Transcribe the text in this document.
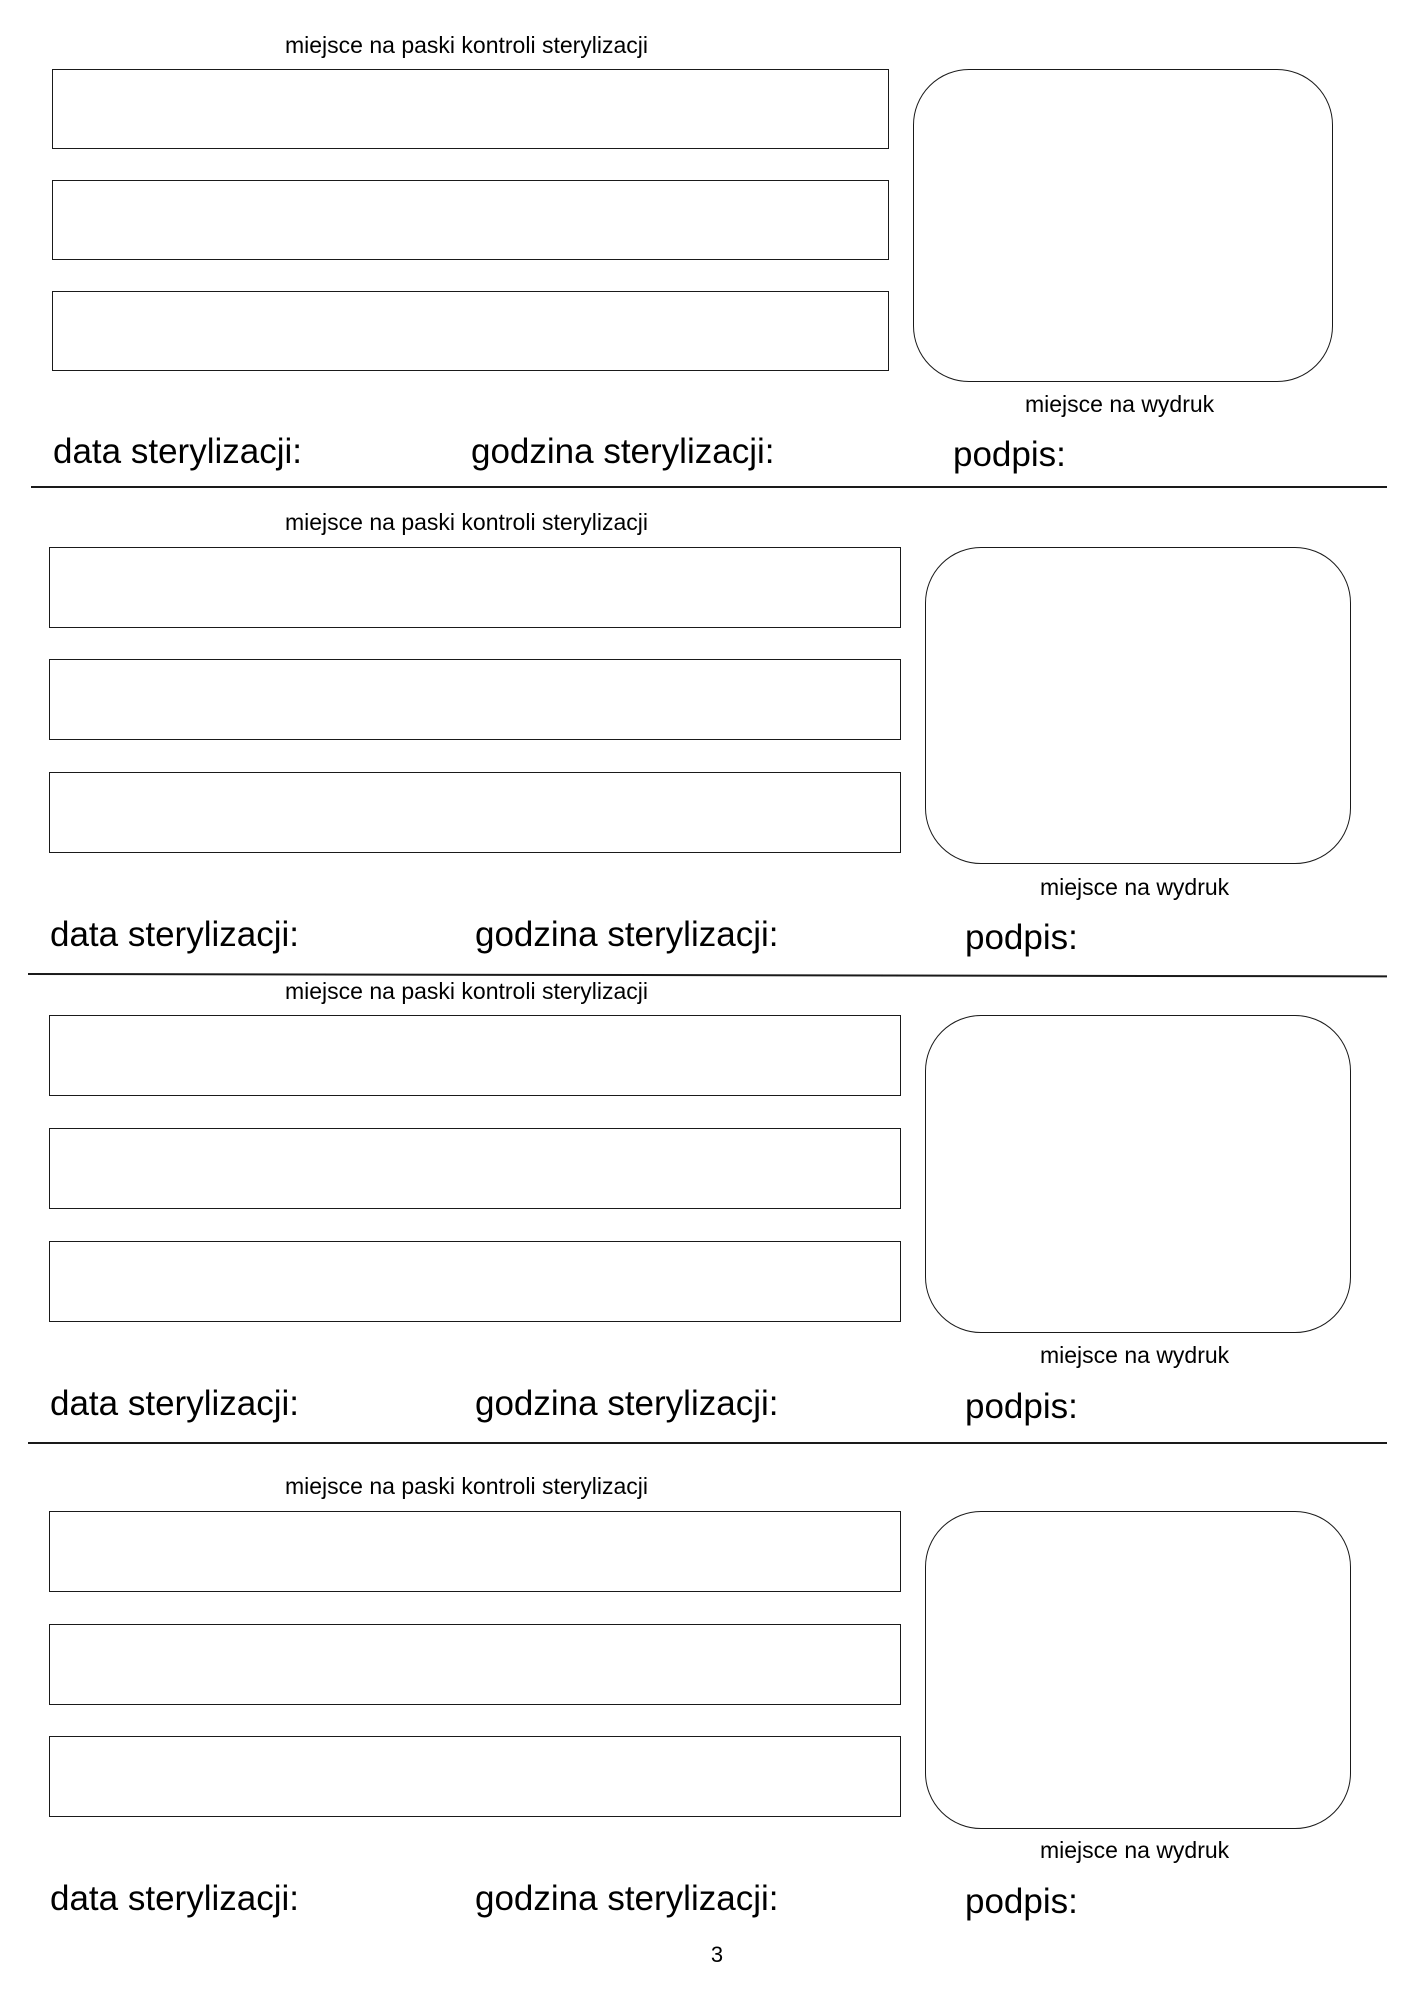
miejsce na paski kontroli sterylizacji
miejsce na wydruk
data sterylizacji:	godzina sterylizacji:	podpis:
miejsce na paski kontroli sterylizacji
miejsce na wydruk
data sterylizacji:	godzina sterylizacji:	podpis:
miejsce na paski kontroli sterylizacji
miejsce na wydruk
data sterylizacji:	godzina sterylizacji:	podpis:
miejsce na paski kontroli sterylizacji
miejsce na wydruk
data sterylizacji:	godzina sterylizacji:	podpis:
3
